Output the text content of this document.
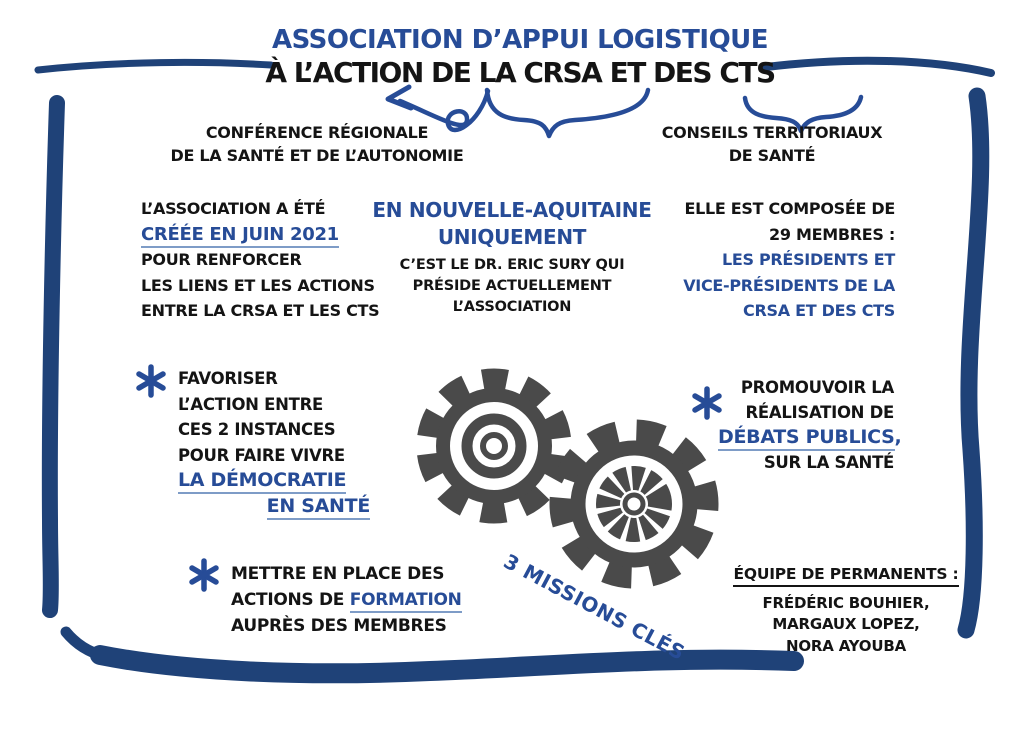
ASSOCIATION D’APPUI LOGISTIQUE
À L’ACTION DE LA CRSA ET DES CTS
CONFÉRENCE RÉGIONALE
DE LA SANTÉ ET DE L’AUTONOMIE
CONSEILS TERRITORIAUX
DE SANTÉ
L’ASSOCIATION A ÉTÉ
CRÉÉE EN JUIN 2021
POUR RENFORCER
LES LIENS ET LES ACTIONS
ENTRE LA CRSA ET LES CTS
EN NOUVELLE-AQUITAINE
UNIQUEMENT
C’EST LE DR. ERIC SURY QUI
PRÉSIDE ACTUELLEMENT
L’ASSOCIATION
ELLE EST COMPOSÉE DE
29 MEMBRES :
LES PRÉSIDENTS ET
VICE-PRÉSIDENTS DE LA
CRSA ET DES CTS
FAVORISER
L’ACTION ENTRE
CES 2 INSTANCES
POUR FAIRE VIVRE
LA DÉMOCRATIE
EN SANTÉ
PROMOUVOIR LA
RÉALISATION DE
DÉBATS PUBLICS,
SUR LA SANTÉ
METTRE EN PLACE DES
ACTIONS DE FORMATION
AUPRÈS DES MEMBRES	3 MISSIONS CLÉS	ÉQUIPE DE PERMANENTS :
FRÉDÉRIC BOUHIER,
MARGAUX LOPEZ,
NORA AYOUBA
